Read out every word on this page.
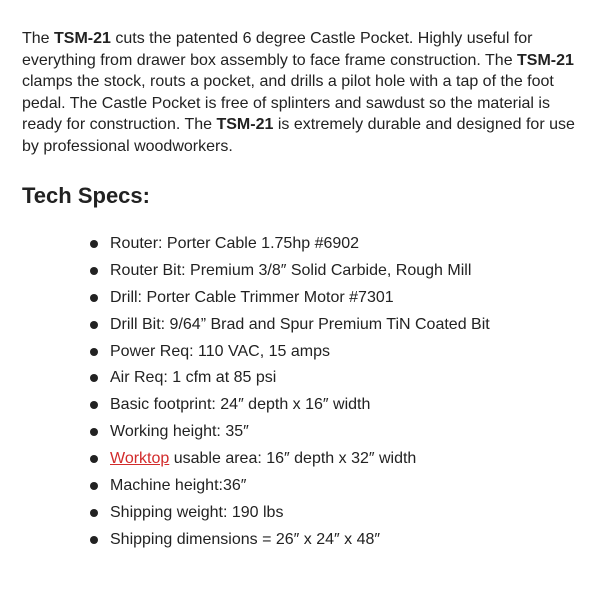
The TSM-21 cuts the patented 6 degree Castle Pocket. Highly useful for everything from drawer box assembly to face frame construction. The TSM-21 clamps the stock, routs a pocket, and drills a pilot hole with a tap of the foot pedal. The Castle Pocket is free of splinters and sawdust so the material is ready for construction. The TSM-21 is extremely durable and designed for use by professional woodworkers.

Tech Specs:
Router: Porter Cable 1.75hp #6902
Router Bit: Premium 3/8″ Solid Carbide, Rough Mill
Drill: Porter Cable Trimmer Motor #7301
Drill Bit: 9/64” Brad and Spur Premium TiN Coated Bit
Power Req: 110 VAC, 15 amps
Air Req: 1 cfm at 85 psi
Basic footprint: 24″ depth x 16″ width
Working height: 35″
Worktop usable area: 16″ depth x 32″ width
Machine height:36″
Shipping weight: 190 lbs
Shipping dimensions = 26″ x 24″ x 48″
